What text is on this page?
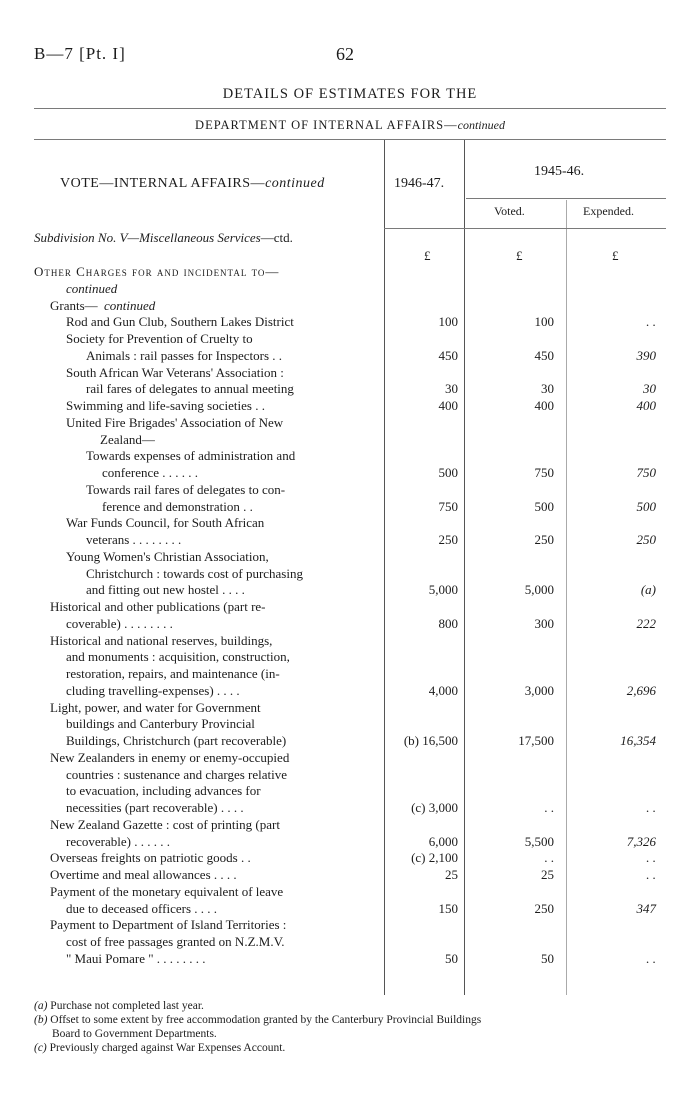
B—7 [Pt. I]	62
DETAILS OF ESTIMATES FOR THE
DEPARTMENT OF INTERNAL AFFAIRS—continued
VOTE—INTERNAL AFFAIRS—continued	1946-47.
1945-46.
Voted.	Expended.
Subdivision No. V—Miscellaneous Services—ctd.
£	£	£
Other Charges for and incidental to—
continued
Grants— continued
Rod and Gun Club, Southern Lakes District	100	100	. .
Society for Prevention of Cruelty to
Animals : rail passes for Inspectors . .	450	450	390
South African War Veterans' Association :
rail fares of delegates to annual meeting	30	30	30
Swimming and life-saving societies . .	400	400	400
United Fire Brigades' Association of New
Zealand—
Towards expenses of administration and
conference . . . . . .	500	750	750
Towards rail fares of delegates to con-
ference and demonstration . .	750	500	500
War Funds Council, for South African
veterans . . . . . . . .	250	250	250
Young Women's Christian Association,
Christchurch : towards cost of purchasing
and fitting out new hostel . . . .	5,000	5,000	(a)
Historical and other publications (part re-
coverable) . . . . . . . .	800	300	222
Historical and national reserves, buildings,
and monuments : acquisition, construction,
restoration, repairs, and maintenance (in-
cluding travelling-expenses) . . . .	4,000	3,000	2,696
Light, power, and water for Government
buildings and Canterbury Provincial
Buildings, Christchurch (part recoverable)	(b) 16,500	17,500	16,354
New Zealanders in enemy or enemy-occupied
countries : sustenance and charges relative
to evacuation, including advances for
necessities (part recoverable) . . . .	(c) 3,000	. .	. .
New Zealand Gazette : cost of printing (part
recoverable) . . . . . .	6,000	5,500	7,326
Overseas freights on patriotic goods . .	(c) 2,100	. .	. .
Overtime and meal allowances . . . .	25	25	. .
Payment of the monetary equivalent of leave
due to deceased officers . . . .	150	250	347
Payment to Department of Island Territories :
cost of free passages granted on N.Z.M.V.
" Maui Pomare " . . . . . . . .	50	50	. .
(a) Purchase not completed last year.
(b) Offset to some extent by free accommodation granted by the Canterbury Provincial Buildings
Board to Government Departments.
(c) Previously charged against War Expenses Account.
